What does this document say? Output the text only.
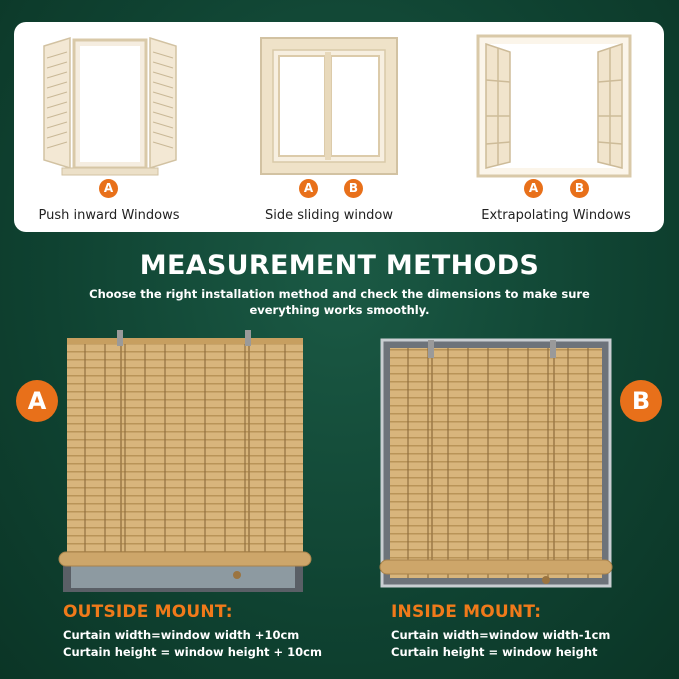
A
Push inward Windows
A	B
Side sliding window
A	B
Extrapolating Windows
MEASUREMENT METHODS
Choose the right installation method and check the dimensions to make sure
everything works smoothly.
A	B
OUTSIDE MOUNT:
Curtain width=window width +10cm
Curtain height = window height + 10cm
INSIDE MOUNT:
Curtain width=window width-1cm
Curtain height = window height
